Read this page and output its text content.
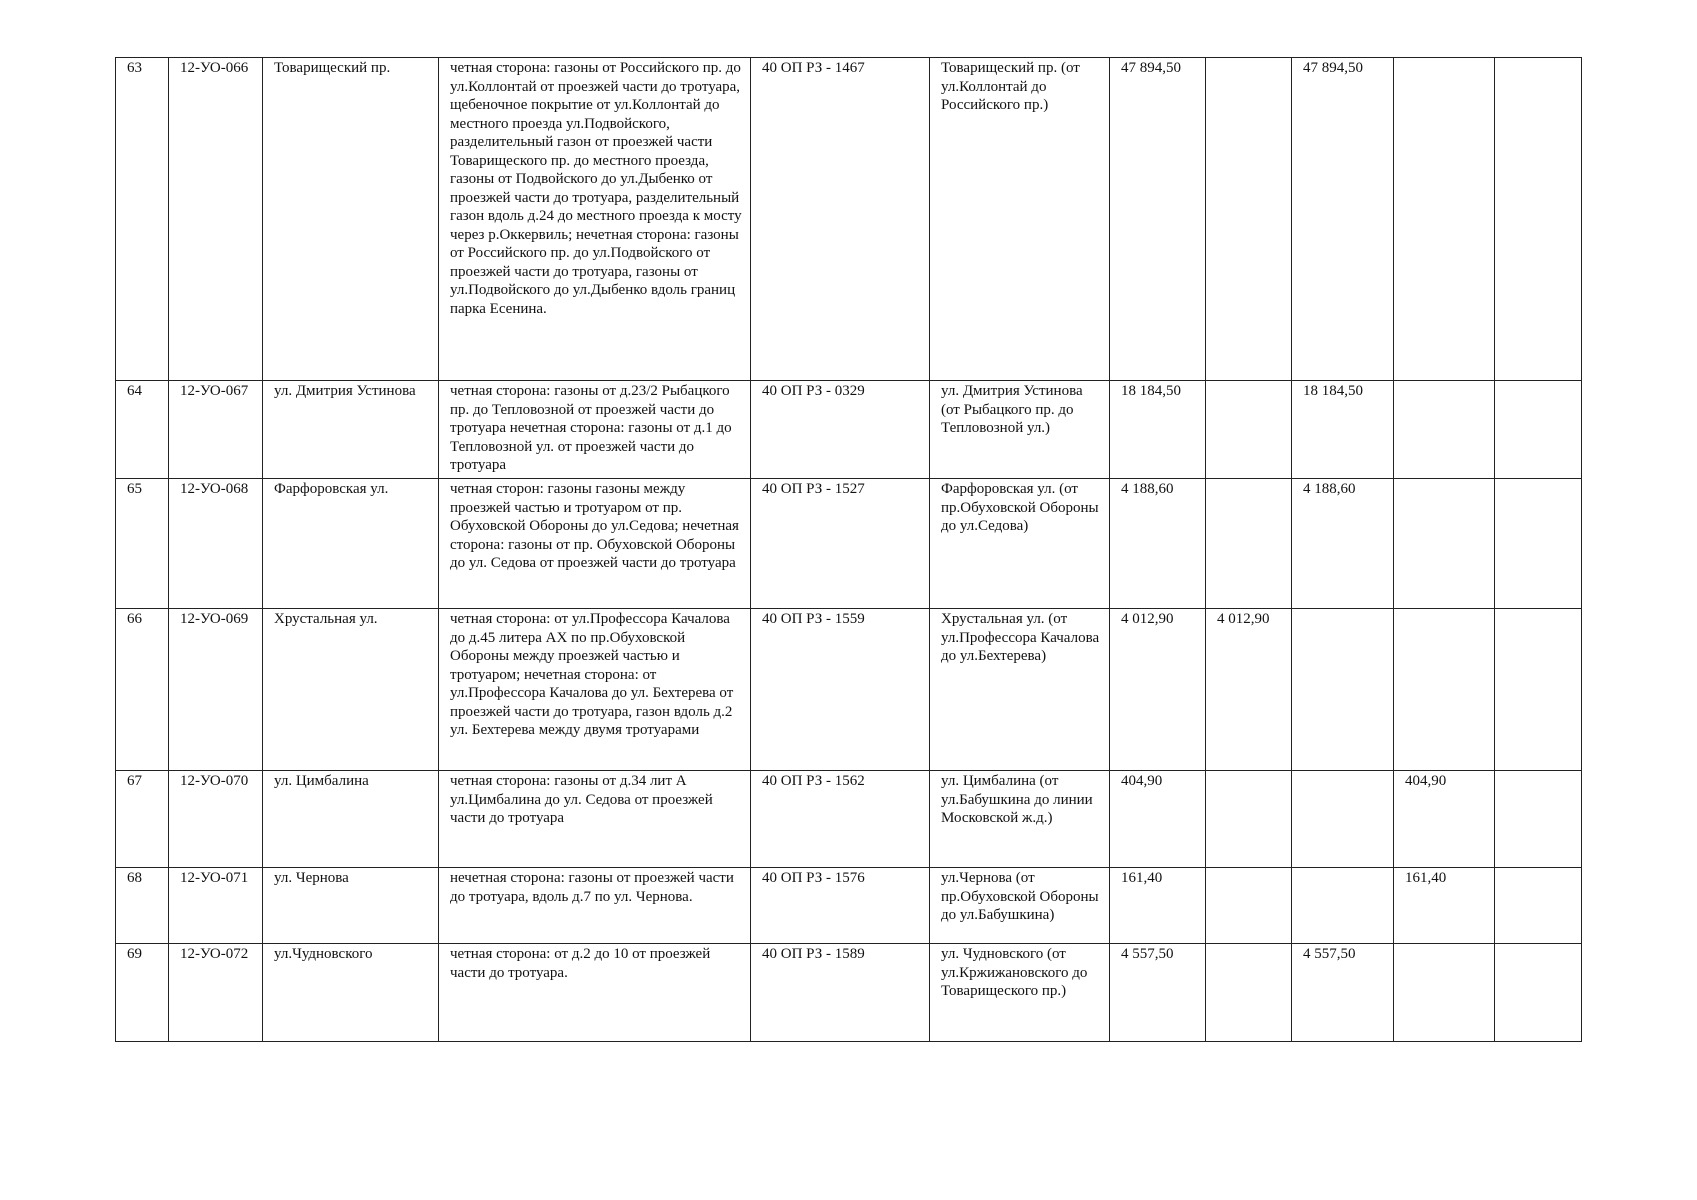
63	12-УО-066	Товарищеский пр.	четная сторона: газоны от Российского пр. до ул.Коллонтай от проезжей части до тротуара, щебеночное покрытие от ул.Коллонтай до местного проезда ул.Подвойского, разделительный газон от проезжей части Товарищеского пр. до местного проезда, газоны от Подвойского до ул.Дыбенко от проезжей части до тротуара, разделительный газон вдоль д.24 до местного проезда к мосту через р.Оккервиль; нечетная сторона: газоны от Российского пр. до ул.Подвойского от проезжей части до тротуара, газоны от ул.Подвойского до ул.Дыбенко вдоль границ парка Есенина.	40 ОП РЗ - 1467	Товарищеский пр. (от ул.Коллонтай до Российского пр.)	47 894,50		47 894,50		
64	12-УО-067	ул. Дмитрия Устинова	четная сторона: газоны от д.23/2 Рыбацкого пр. до Тепловозной от проезжей части до тротуара нечетная сторона: газоны от д.1 до Тепловозной ул. от проезжей части до тротуара	40 ОП РЗ - 0329	ул. Дмитрия Устинова (от Рыбацкого пр. до Тепловозной ул.)	18 184,50		18 184,50		
65	12-УО-068	Фарфоровская ул.	четная сторон: газоны газоны между проезжей частью и тротуаром от пр. Обуховской Обороны до ул.Седова; нечетная сторона: газоны от пр. Обуховской Обороны до ул. Седова от проезжей части до тротуара	40 ОП РЗ - 1527	Фарфоровская ул. (от пр.Обуховской Обороны до ул.Седова)	4 188,60		4 188,60		
66	12-УО-069	Хрустальная ул.	четная сторона: от ул.Профессора Качалова до д.45 литера АХ по пр.Обуховской Обороны между проезжей частью и тротуаром; нечетная сторона: от ул.Профессора Качалова до ул. Бехтерева от проезжей части до тротуара, газон вдоль д.2 ул. Бехтерева между двумя тротуарами	40 ОП РЗ - 1559	Хрустальная ул. (от ул.Профессора Качалова до ул.Бехтерева)	4 012,90	4 012,90			
67	12-УО-070	ул. Цимбалина	четная сторона: газоны от д.34 лит А ул.Цимбалина до ул. Седова от проезжей части до тротуара	40 ОП РЗ - 1562	ул. Цимбалина (от ул.Бабушкина до линии Московской ж.д.)	404,90			404,90	
68	12-УО-071	ул. Чернова	нечетная сторона: газоны от проезжей части до тротуара, вдоль д.7 по ул. Чернова.	40 ОП РЗ - 1576	ул.Чернова (от пр.Обуховской Обороны до ул.Бабушкина)	161,40			161,40	
69	12-УО-072	ул.Чудновского	четная сторона: от д.2 до 10 от проезжей части до тротуара.	40 ОП РЗ - 1589	ул. Чудновского (от ул.Кржижановского до Товарищеского пр.)	4 557,50		4 557,50		
